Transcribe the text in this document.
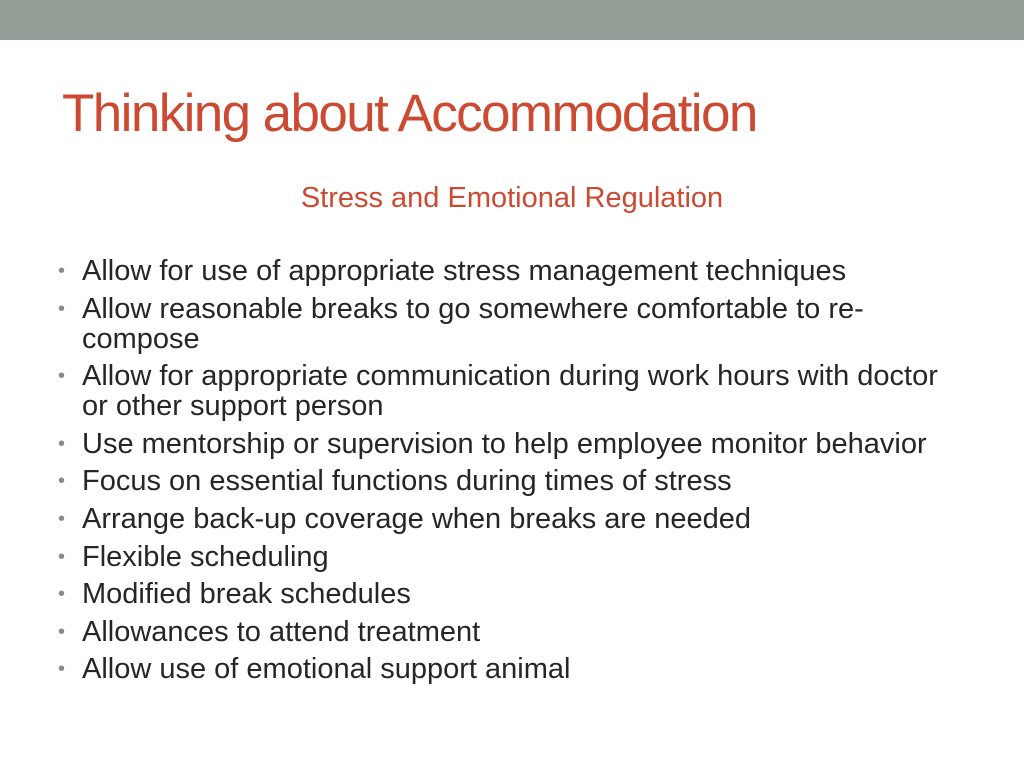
Thinking about Accommodation
Stress and Emotional Regulation
• Allow for use of appropriate stress management techniques
• Allow reasonable breaks to go somewhere comfortable to re-compose
• Allow for appropriate communication during work hours with doctor or other support person
• Use mentorship or supervision to help employee monitor behavior
• Focus on essential functions during times of stress
• Arrange back-up coverage when breaks are needed
• Flexible scheduling
• Modified break schedules
• Allowances to attend treatment
• Allow use of emotional support animal
